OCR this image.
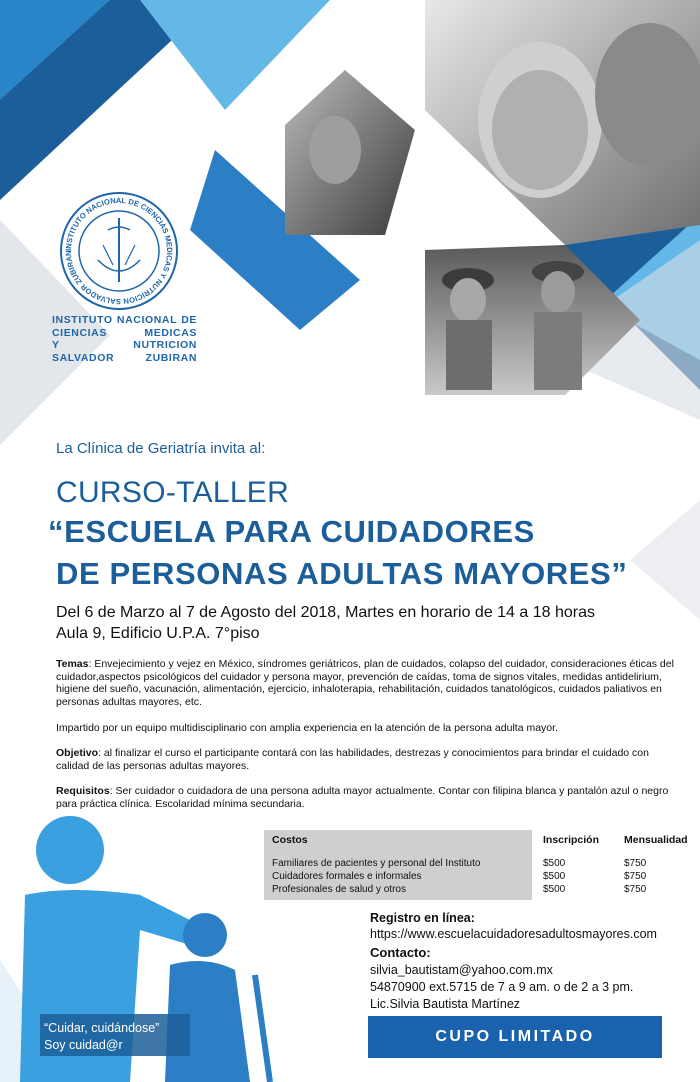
INSTITUTO NACIONAL DE CIENCIAS MEDICAS Y NUTRICION SALVADOR ZUBIRAN
INSTITUTO NACIONAL DE
CIENCIAS MEDICAS
Y NUTRICION
SALVADOR ZUBIRAN
La Clínica de Geriatría invita al:
CURSO-TALLER
“ESCUELA PARA CUIDADORES
DE PERSONAS ADULTAS MAYORES”
Del 6 de Marzo al 7 de Agosto del 2018, Martes en horario de 14 a 18 horas
Aula 9, Edificio U.P.A. 7°piso
Temas: Envejecimiento y vejez en México, síndromes geriátricos, plan de cuidados, colapso del cuidador, consideraciones éticas del cuidador,aspectos psicológicos del cuidador y persona mayor, prevención de caídas, toma de signos vitales, medidas antidelirium, higiene del sueño, vacunación, alimentación, ejercicio, inhaloterapia, rehabilitación, cuidados tanatológicos, cuidados paliativos en personas adultas mayores, etc.
Impartido por un equipo multidisciplinario con amplia experiencia en la atención de la persona adulta mayor.
Objetivo: al finalizar el curso el participante contará con las habilidades, destrezas y conocimientos para brindar el cuidado con calidad de las personas adultas mayores.
Requisitos: Ser cuidador o cuidadora de una persona adulta mayor actualmente. Contar con filipina blanca y pantalón azul o negro para práctica clínica. Escolaridad mínima secundaria.
“Cuidar, cuidándose”
Soy cuidad@r
Costos	Inscripción Mensualidad
Familiares de pacientes y personal del Instituto	$500	$750
Cuidadores formales e informales	$500	$750
Profesionales de salud y otros	$500	$750
Registro en línea:
https://www.escuelacuidadoresadultosmayores.com
Contacto:
silvia_bautistam@yahoo.com.mx
54870900 ext.5715 de 7 a 9 am. o de 2 a 3 pm.
Lic.Silvia Bautista Martínez
CUPO LIMITADO
